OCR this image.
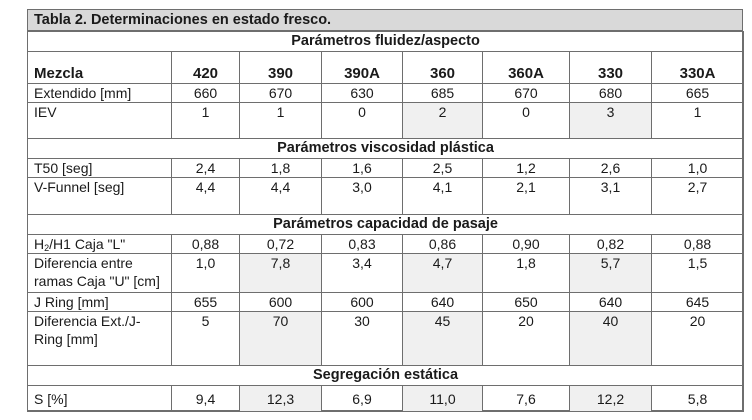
Tabla 2. Determinaciones en estado fresco.
Parámetros fluidez/aspecto							
Mezcla	420	390	390A	360	360A	330	330A
Extendido [mm]	660	670	630	685	670	680	665
IEV	1	1	0	2	0	3	1
Parámetros viscosidad plástica							
T50 [seg]	2,4	1,8	1,6	2,5	1,2	2,6	1,0
V-Funnel [seg]	4,4	4,4	3,0	4,1	2,1	3,1	2,7
Parámetros capacidad de pasaje							
$H_2/H1$ Caja "L"	0,88	0,72	0,83	0,86	0,90	0,82	0,88
Diferencia entre ramas Caja "U" [cm]	1,0	7,8	3,4	4,7	1,8	5,7	1,5
J Ring [mm]	655	600	600	640	650	640	645
Diferencia Ext./J-Ring [mm]	5	70	30	45	20	40	20
Segregación estática							
S [%]	9,4	12,3	6,9	11,0	7,6	12,2	5,8
